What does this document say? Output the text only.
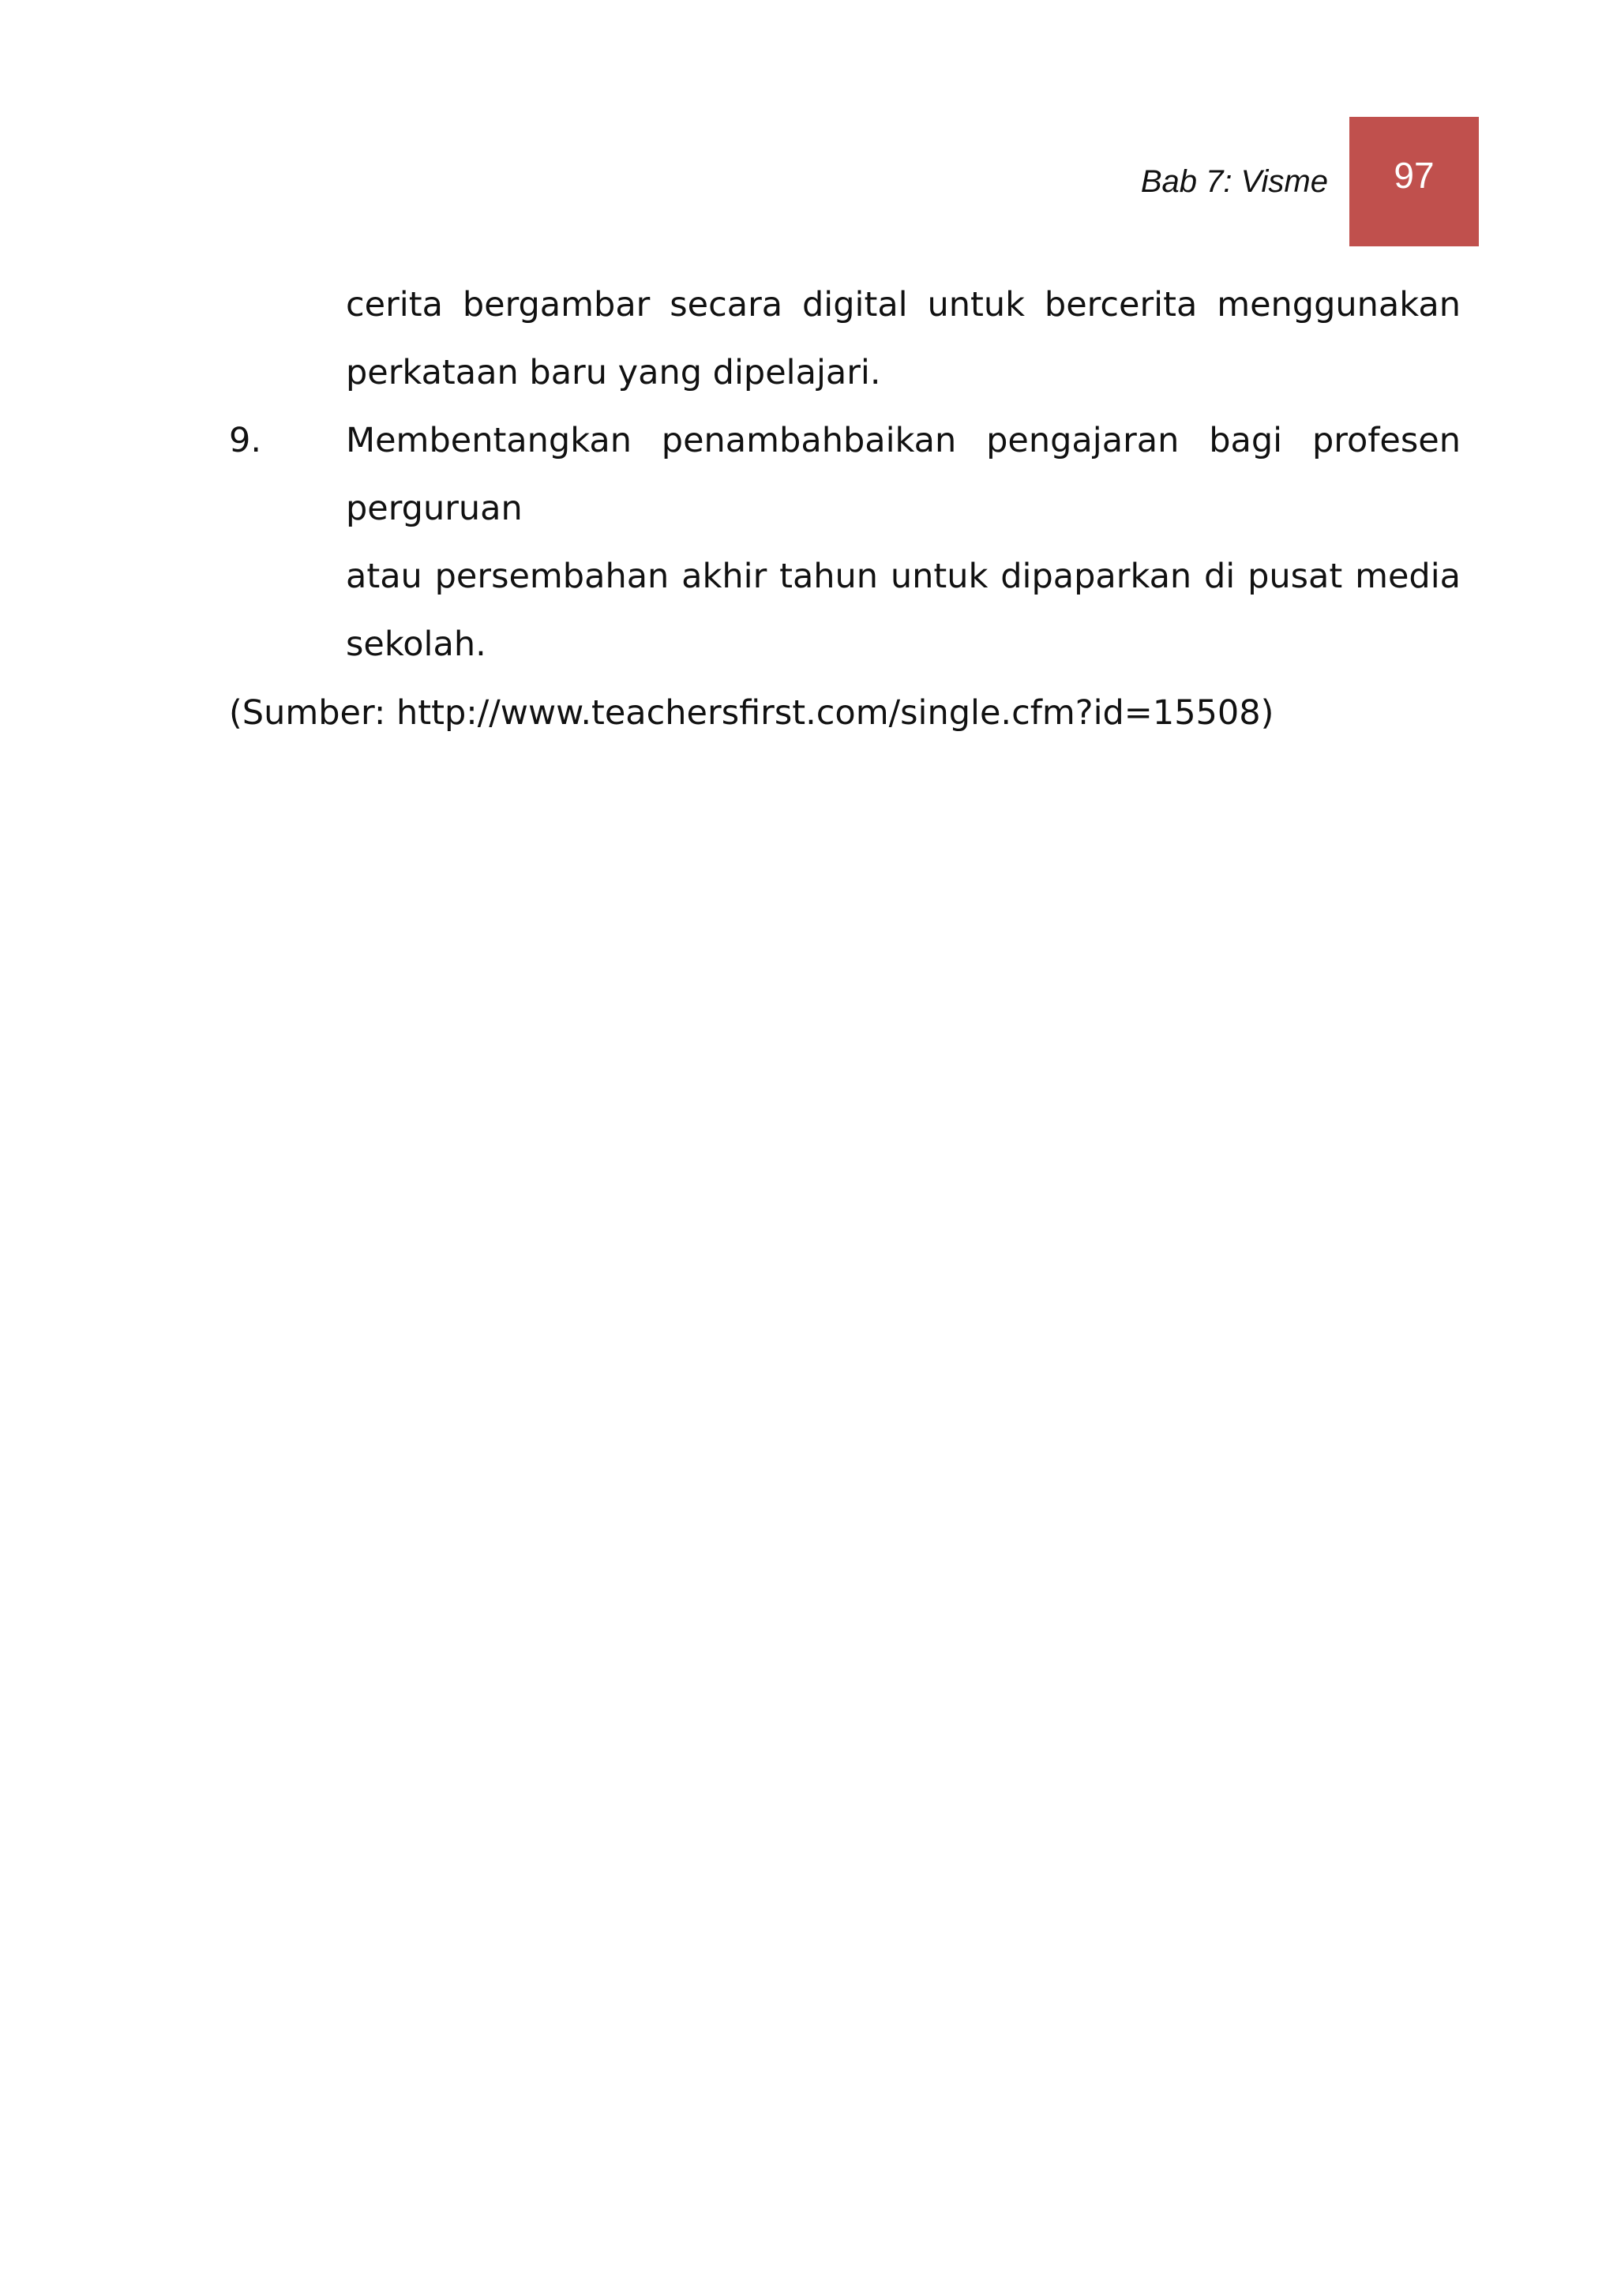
Bab 7: Visme	97
cerita bergambar secara digital untuk bercerita menggunakan
perkataan baru yang dipelajari.
9.	Membentangkan penambahbaikan pengajaran bagi profesen perguruan
atau persembahan akhir tahun untuk dipaparkan di pusat media
sekolah.
(Sumber: http://www.teachersfirst.com/single.cfm?id=15508)
